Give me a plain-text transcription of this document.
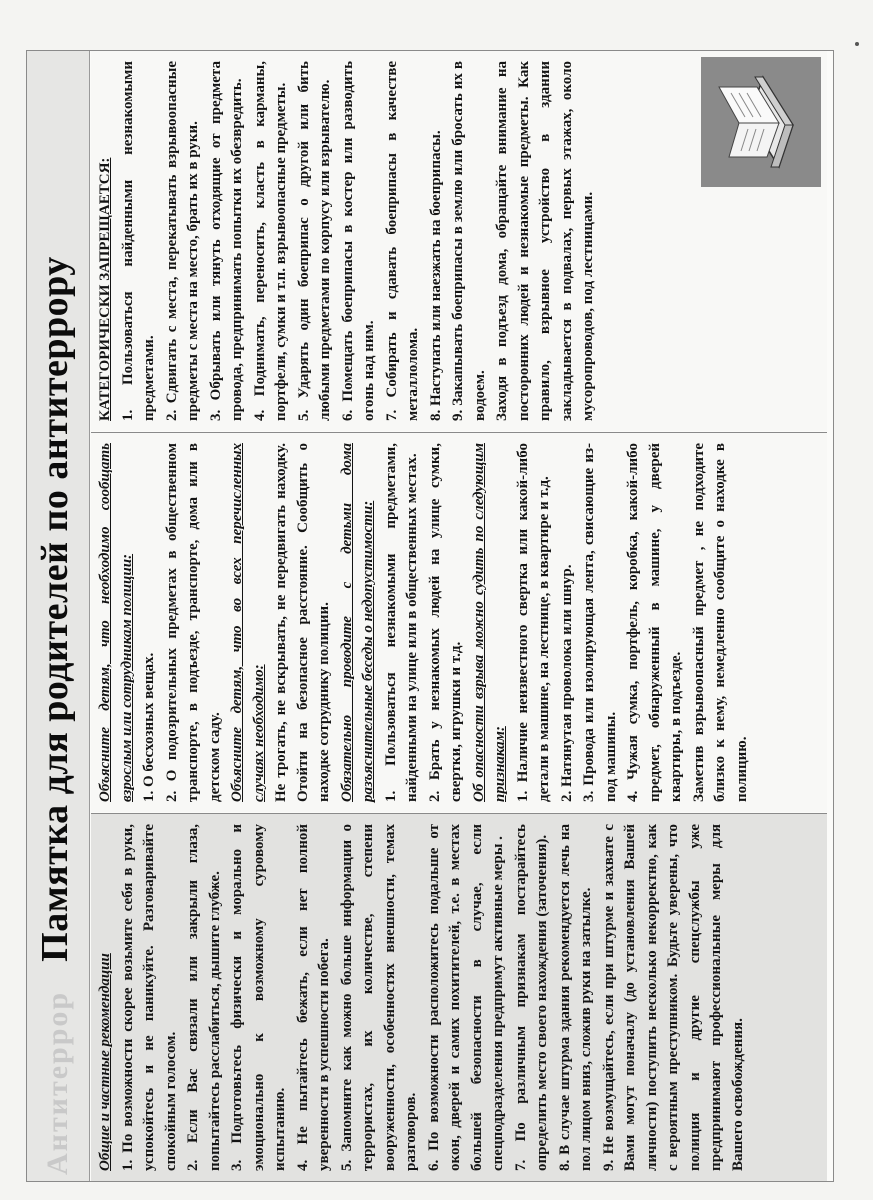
Антитеррор
Памятка для родителей по антитеррору

Общие и частные рекомендации 1. По возможности скорее возьмите себя в руки, успокойтесь и не паникуйте. Разговаривайте спокойным голосом. 2. Если Вас связали или закрыли глаза, попытайтесь расслабиться, дышите глубже. 3. Подготовьтесь физически и морально и эмоционально к возможному суровому испытанию. 4. Не пытайтесь бежать, если нет полной уверенности в успешности побега. 5. Запомните как можно больше информации о террористах, их количестве, степени вооруженности, особенностях внешности, темах разговоров. 6. По возможности расположитесь подальше от окон, дверей и самих похитителей, т.е. в местах большей безопасности в случае, если спецподразделения предпримут активные меры . 7. По различным признакам постарайтесь определить место своего нахождения (заточения). 8. В случае штурма здания рекомендуется лечь на пол лицом вниз, сложив руки на затылке. 9. Не возмущайтесь, если при штурме и захвате с Вами могут поначалу (до установления Вашей личности) поступить несколько некорректно, как с вероятным преступником. Будьте уверены, что полиция и другие спецслужбы уже предпринимают профессиональные меры для Вашего освобождения.

Объясните детям, что необходимо сообщать взрослым или сотрудникам полиции: 1. О бесхозных вещах. 2. О подозрительных предметах в общественном транспорте, в подъезде, транспорте, дома или в детском саду. Объясните детям, что во всех перечисленных случаях необходимо: Не трогать, не вскрывать, не передвигать находку. Отойти на безопасное расстояние. Сообщить о находке сотруднику полиции. Обязательно проводите с детьми дома разъяснительные беседы о недопустимости: 1. Пользоваться незнакомыми предметами, найденными на улице или в общественных местах. 2. Брать у незнакомых людей на улице сумки, свертки, игрушки и т.д. Об опасности взрыва можно судить по следующим признакам: 1. Наличие неизвестного свертка или какой-либо детали в машине, на лестнице, в квартире и т.д. 2. Натянутая проволока или шнур. 3. Провода или изолирующая лента, свисающие из-под машины. 4. Чужая сумка, портфель, коробка, какой-либо предмет, обнаруженный в машине, у дверей квартиры, в подъезде. Заметив взрывоопасный предмет , не подходите близко к нему, немедленно сообщите о находке в полицию.

КАТЕГОРИЧЕСКИ ЗАПРЕЩАЕТСЯ: 1. Пользоваться найденными незнакомыми предметами. 2. Сдвигать с места, перекатывать взрывоопасные предметы с места на место, брать их в руки. 3. Обрывать или тянуть отходящие от предмета провода, предпринимать попытки их обезвредить. 4. Поднимать, переносить, класть в карманы, портфели, сумки и т.п. взрывоопасные предметы. 5. Ударять один боеприпас о другой или бить любыми предметами по корпусу или взрывателю. 6. Помещать боеприпасы в костер или разводить огонь над ним. 7. Собирать и сдавать боеприпасы в качестве металлолома. 8. Наступать или наезжать на боеприпасы. 9. Закапывать боеприпасы в землю или бросать их в водоем. Заходя в подъезд дома, обращайте внимание на посторонних людей и незнакомые предметы. Как правило, взрывное устройство в здании закладывается в подвалах, первых этажах, около мусоропроводов, под лестницами.
